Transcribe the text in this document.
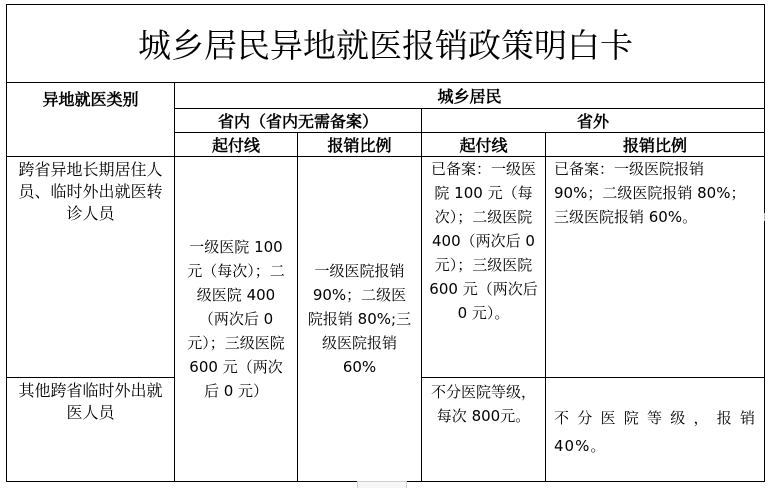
城乡居民异地就医报销政策明白卡				
异地就医类别	城乡居民			
	省内（省内无需备案）		省外	
	起付线	报销比例	起付线	报销比例
跨省异地长期居住人员、临时外出就医转诊人员	一级医院 100元（每次）；二级医院 400（两次后 0元）；三级医院 600 元（两次后 0 元）	一级医院报销 90%；二级医院报销 80%;三级医院报销 60%	已备案：一级医院 100 元（每次）；二级医院 400（两次后 0元）；三级医院 600 元（两次后 0 元）。	已备案：一级医院报销 90%；二级医院报销 80%；三级医院报销 60%。
其他跨省临时外出就医人员			不分医院等级，每次 800元。	不分医院等级，报销 40%。
